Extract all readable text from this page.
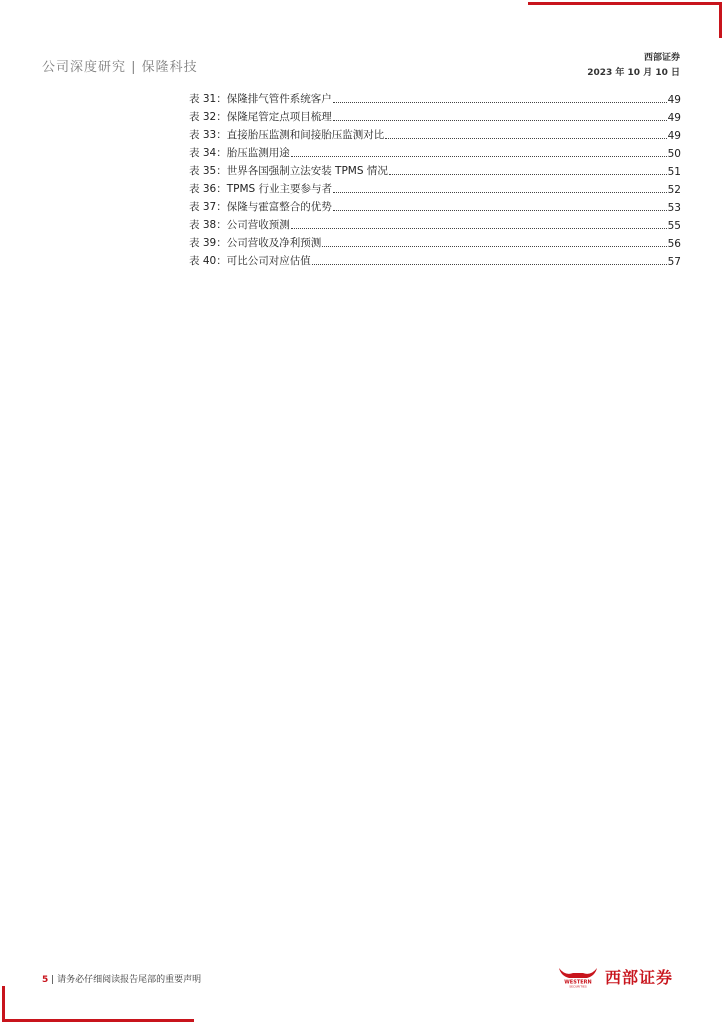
公司深度研究 | 保隆科技
西部证券
2023 年 10 月 10 日
表 31：保隆排气管件系统客户	49
表 32：保隆尾管定点项目梳理	49
表 33：直接胎压监测和间接胎压监测对比	49
表 34：胎压监测用途	50
表 35：世界各国强制立法安装 TPMS 情况	51
表 36：TPMS 行业主要参与者	52
表 37：保隆与霍富整合的优势	53
表 38：公司营收预测	55
表 39：公司营收及净利预测	56
表 40：可比公司对应估值	57
5 | 请务必仔细阅读报告尾部的重要声明	WESTERN
SECURITIES 西部证券
